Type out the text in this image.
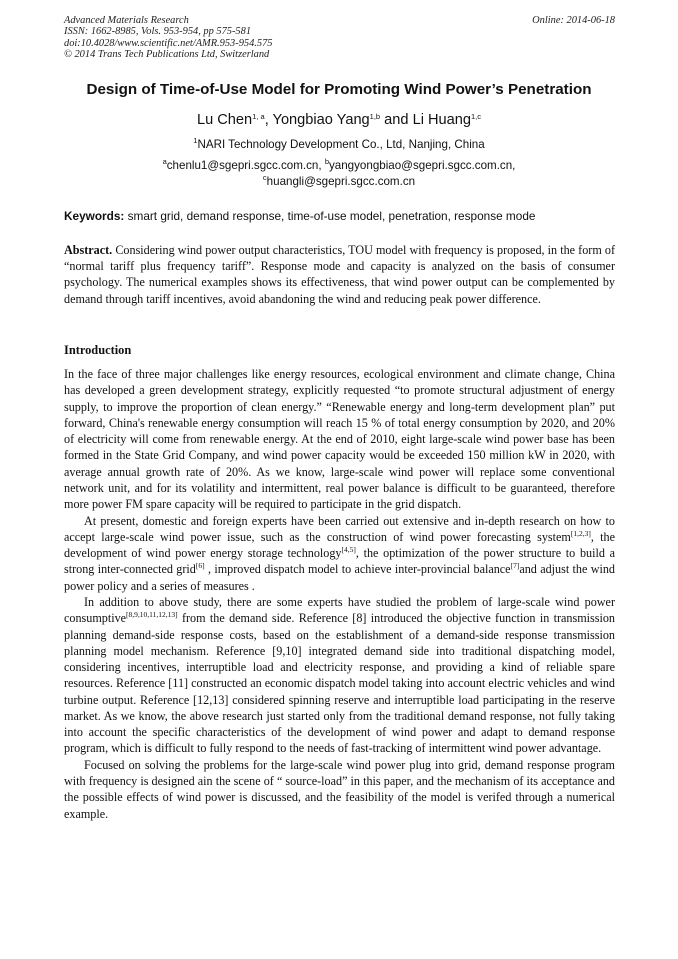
Advanced Materials Research
ISSN: 1662-8985, Vols. 953-954, pp 575-581
doi:10.4028/www.scientific.net/AMR.953-954.575
© 2014 Trans Tech Publications Ltd, Switzerland
Online: 2014-06-18
Design of Time-of-Use Model for Promoting Wind Power’s Penetration
Lu Chen$^{1, a}$, Yongbiao Yang$^{1,b}$ and Li Huang$^{1,c}$
$^1$NARI Technology Development Co., Ltd, Nanjing, China
$^a$chenlu1@sgepri.sgcc.com.cn, $^b$yangyongbiao@sgepri.sgcc.com.cn,
$^c$huangli@sgepri.sgcc.com.cn
Keywords: smart grid, demand response, time-of-use model, penetration, response mode
Abstract. Considering wind power output characteristics, TOU model with frequency is proposed, in the form of “normal tariff plus frequency tariff”. Response mode and capacity is analyzed on the basis of consumer psychology. The numerical examples shows its effectiveness, that wind power output can be complemented by demand through tariff incentives, avoid abandoning the wind and reducing peak power difference.
Introduction

In the face of three major challenges like energy resources, ecological environment and climate change, China has developed a green development strategy, explicitly requested “to promote structural adjustment of energy supply, to improve the proportion of clean energy.” “Renewable energy and long-term development plan” put forward, China's renewable energy consumption will reach 15 % of total energy consumption by 2020, and 20% of electricity will come from renewable energy. At the end of 2010, eight large-scale wind power base has been formed in the State Grid Company, and wind power capacity would be exceeded 150 million kW in 2020, with average annual growth rate of 20%. As we know, large-scale wind power will replace some conventional network unit, and for its volatility and intermittent, real power balance is difficult to be guaranteed, therefore more power FM spare capacity will be required to participate in the grid dispatch.

At present, domestic and foreign experts have been carried out extensive and in-depth research on how to accept large-scale wind power issue, such as the construction of wind power forecasting system[1,2,3], the development of wind power energy storage technology[4,5], the optimization of the power structure to build a strong inter-connected grid[6] , improved dispatch model to achieve inter-provincial balance[7]and adjust the wind power policy and a series of measures .

In addition to above study, there are some experts have studied the problem of large-scale wind power consumptive[8,9,10,11,12,13] from the demand side. Reference [8] introduced the objective function in transmission planning demand-side response costs, based on the establishment of a demand-side response transmission planning model mechanism. Reference [9,10] integrated demand side into traditional dispatching model, considering incentives, interruptible load and electricity response, and providing a kind of reliable spare resources. Reference [11] constructed an economic dispatch model taking into account electric vehicles and wind turbine output. Reference [12,13] considered spinning reserve and interruptible load participating in the reserve market. As we know, the above research just started only from the traditional demand response, not fully taking into account the specific characteristics of the development of wind power and adapt to demand response program, which is difficult to fully respond to the needs of fast-tracking of intermittent wind power advantage.

Focused on solving the problems for the large-scale wind power plug into grid, demand response program with frequency is designed ain the scene of “ source-load” in this paper, and the mechanism of its acceptance and the possible effects of wind power is discussed, and the feasibility of the model is verifed through a numerical example.
